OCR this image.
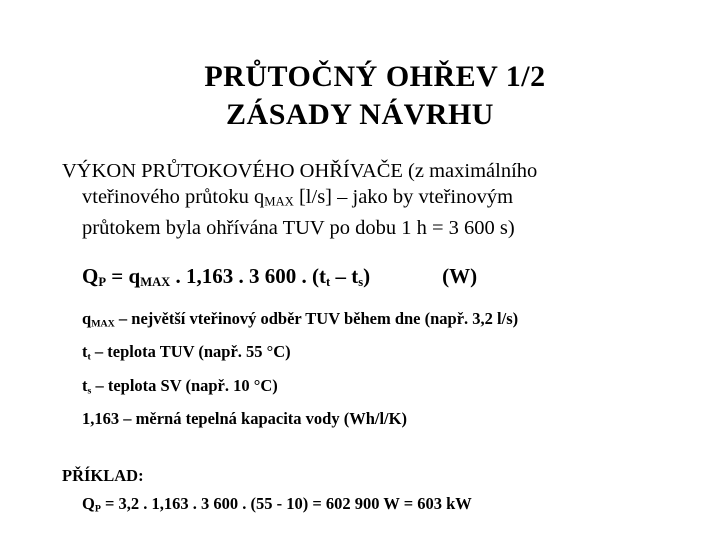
PRŮTOČNÝ OHŘEV 1/2
ZÁSADY NÁVRHU
VÝKON PRŮTOKOVÉHO OHŘÍVAČE (z maximálního
vteřinového průtoku qMAX [l/s] – jako by vteřinovým
průtokem byla ohřívána TUV po dobu 1 h = 3 600 s)
$Q_P = q_{MAX}$ . 1,163 . 3 600 . $(t_t - t_s)$	(W)
$q_{MAX}$ – největší vteřinový odběr TUV během dne (např. 3,2 l/s)
$t_t$ – teplota TUV (např. 55 °C)
$t_s$ – teplota SV (např. 10 °C)
1,163 – měrná tepelná kapacita vody (Wh/l/K)
PŘÍKLAD:
$Q_P = 3,2$ . 1,163 . 3 600 . (55 - 10) = 602 900 W = 603 kW
